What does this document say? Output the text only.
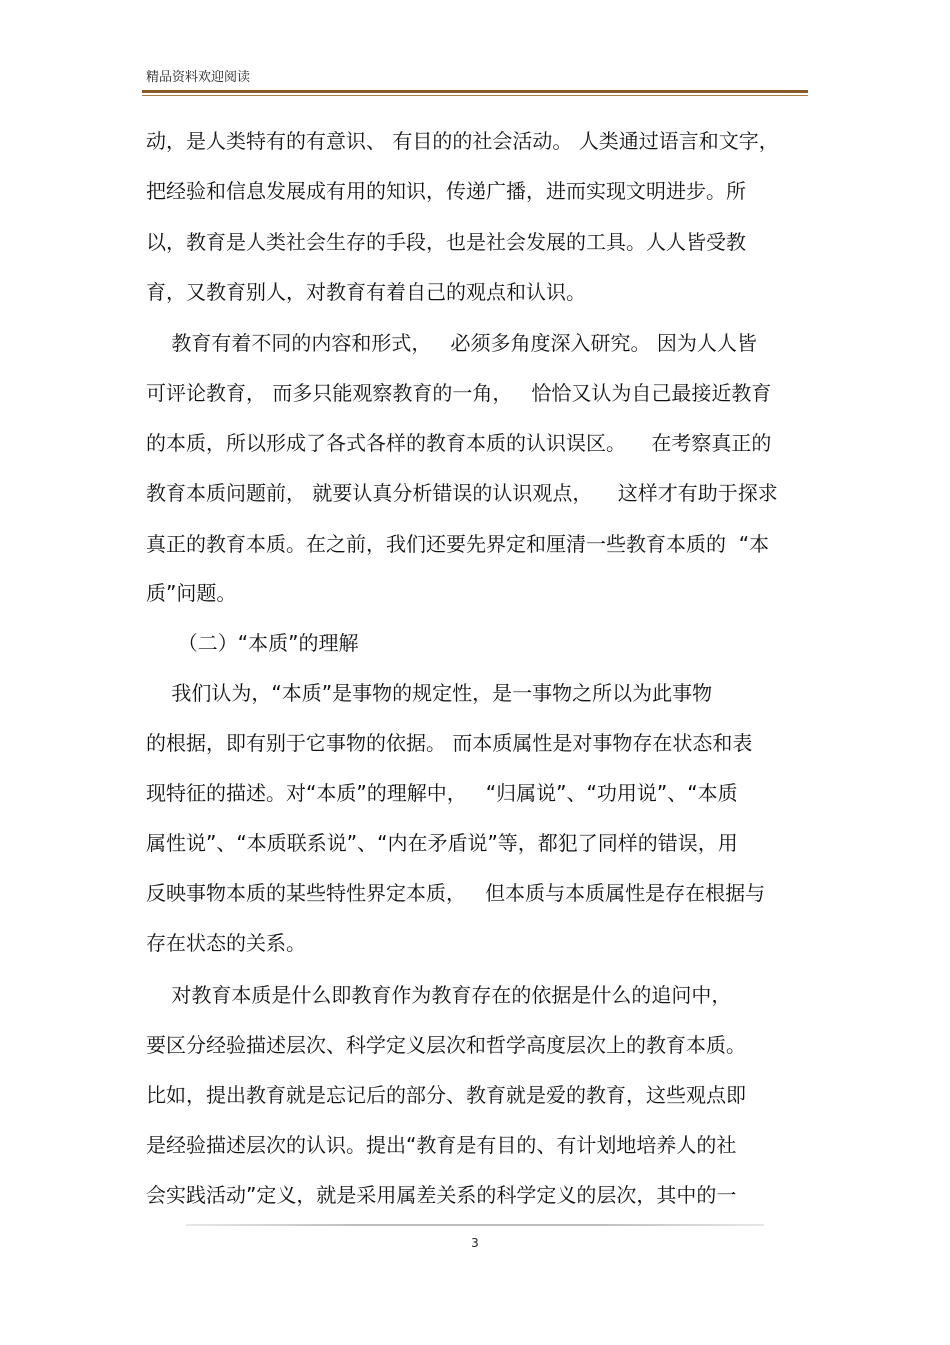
精品资料欢迎阅读
动，是人类特有的有意识、 有目的的社会活动。 人类通过语言和文字，
把经验和信息发展成有用的知识，传递广播，进而实现文明进步。所
以，教育是人类社会生存的手段，也是社会发展的工具。人人皆受教
育，又教育别人，对教育有着自己的观点和认识。
教育有着不同的内容和形式，   必须多角度深入研究。 因为人人皆
可评论教育， 而多只能观察教育的一角，   恰恰又认为自己最接近教育
的本质，所以形成了各式各样的教育本质的认识误区。    在考察真正的
教育本质问题前， 就要认真分析错误的认识观点，    这样才有助于探求
真正的教育本质。在之前，我们还要先界定和厘清一些教育本质的  “本
质”问题。
（二）“本质”的理解
我们认为，“本质”是事物的规定性，是一事物之所以为此事物
的根据，即有别于它事物的依据。 而本质属性是对事物存在状态和表
现特征的描述。对“本质”的理解中，   “归属说”、“功用说”、“本质
属性说”、“本质联系说”、“内在矛盾说”等，都犯了同样的错误，用
反映事物本质的某些特性界定本质，   但本质与本质属性是存在根据与
存在状态的关系。
对教育本质是什么即教育作为教育存在的依据是什么的追问中，
要区分经验描述层次、科学定义层次和哲学高度层次上的教育本质。
比如，提出教育就是忘记后的部分、教育就是爱的教育，这些观点即
是经验描述层次的认识。提出“教育是有目的、有计划地培养人的社
会实践活动”定义，就是采用属差关系的科学定义的层次，其中的一
3
